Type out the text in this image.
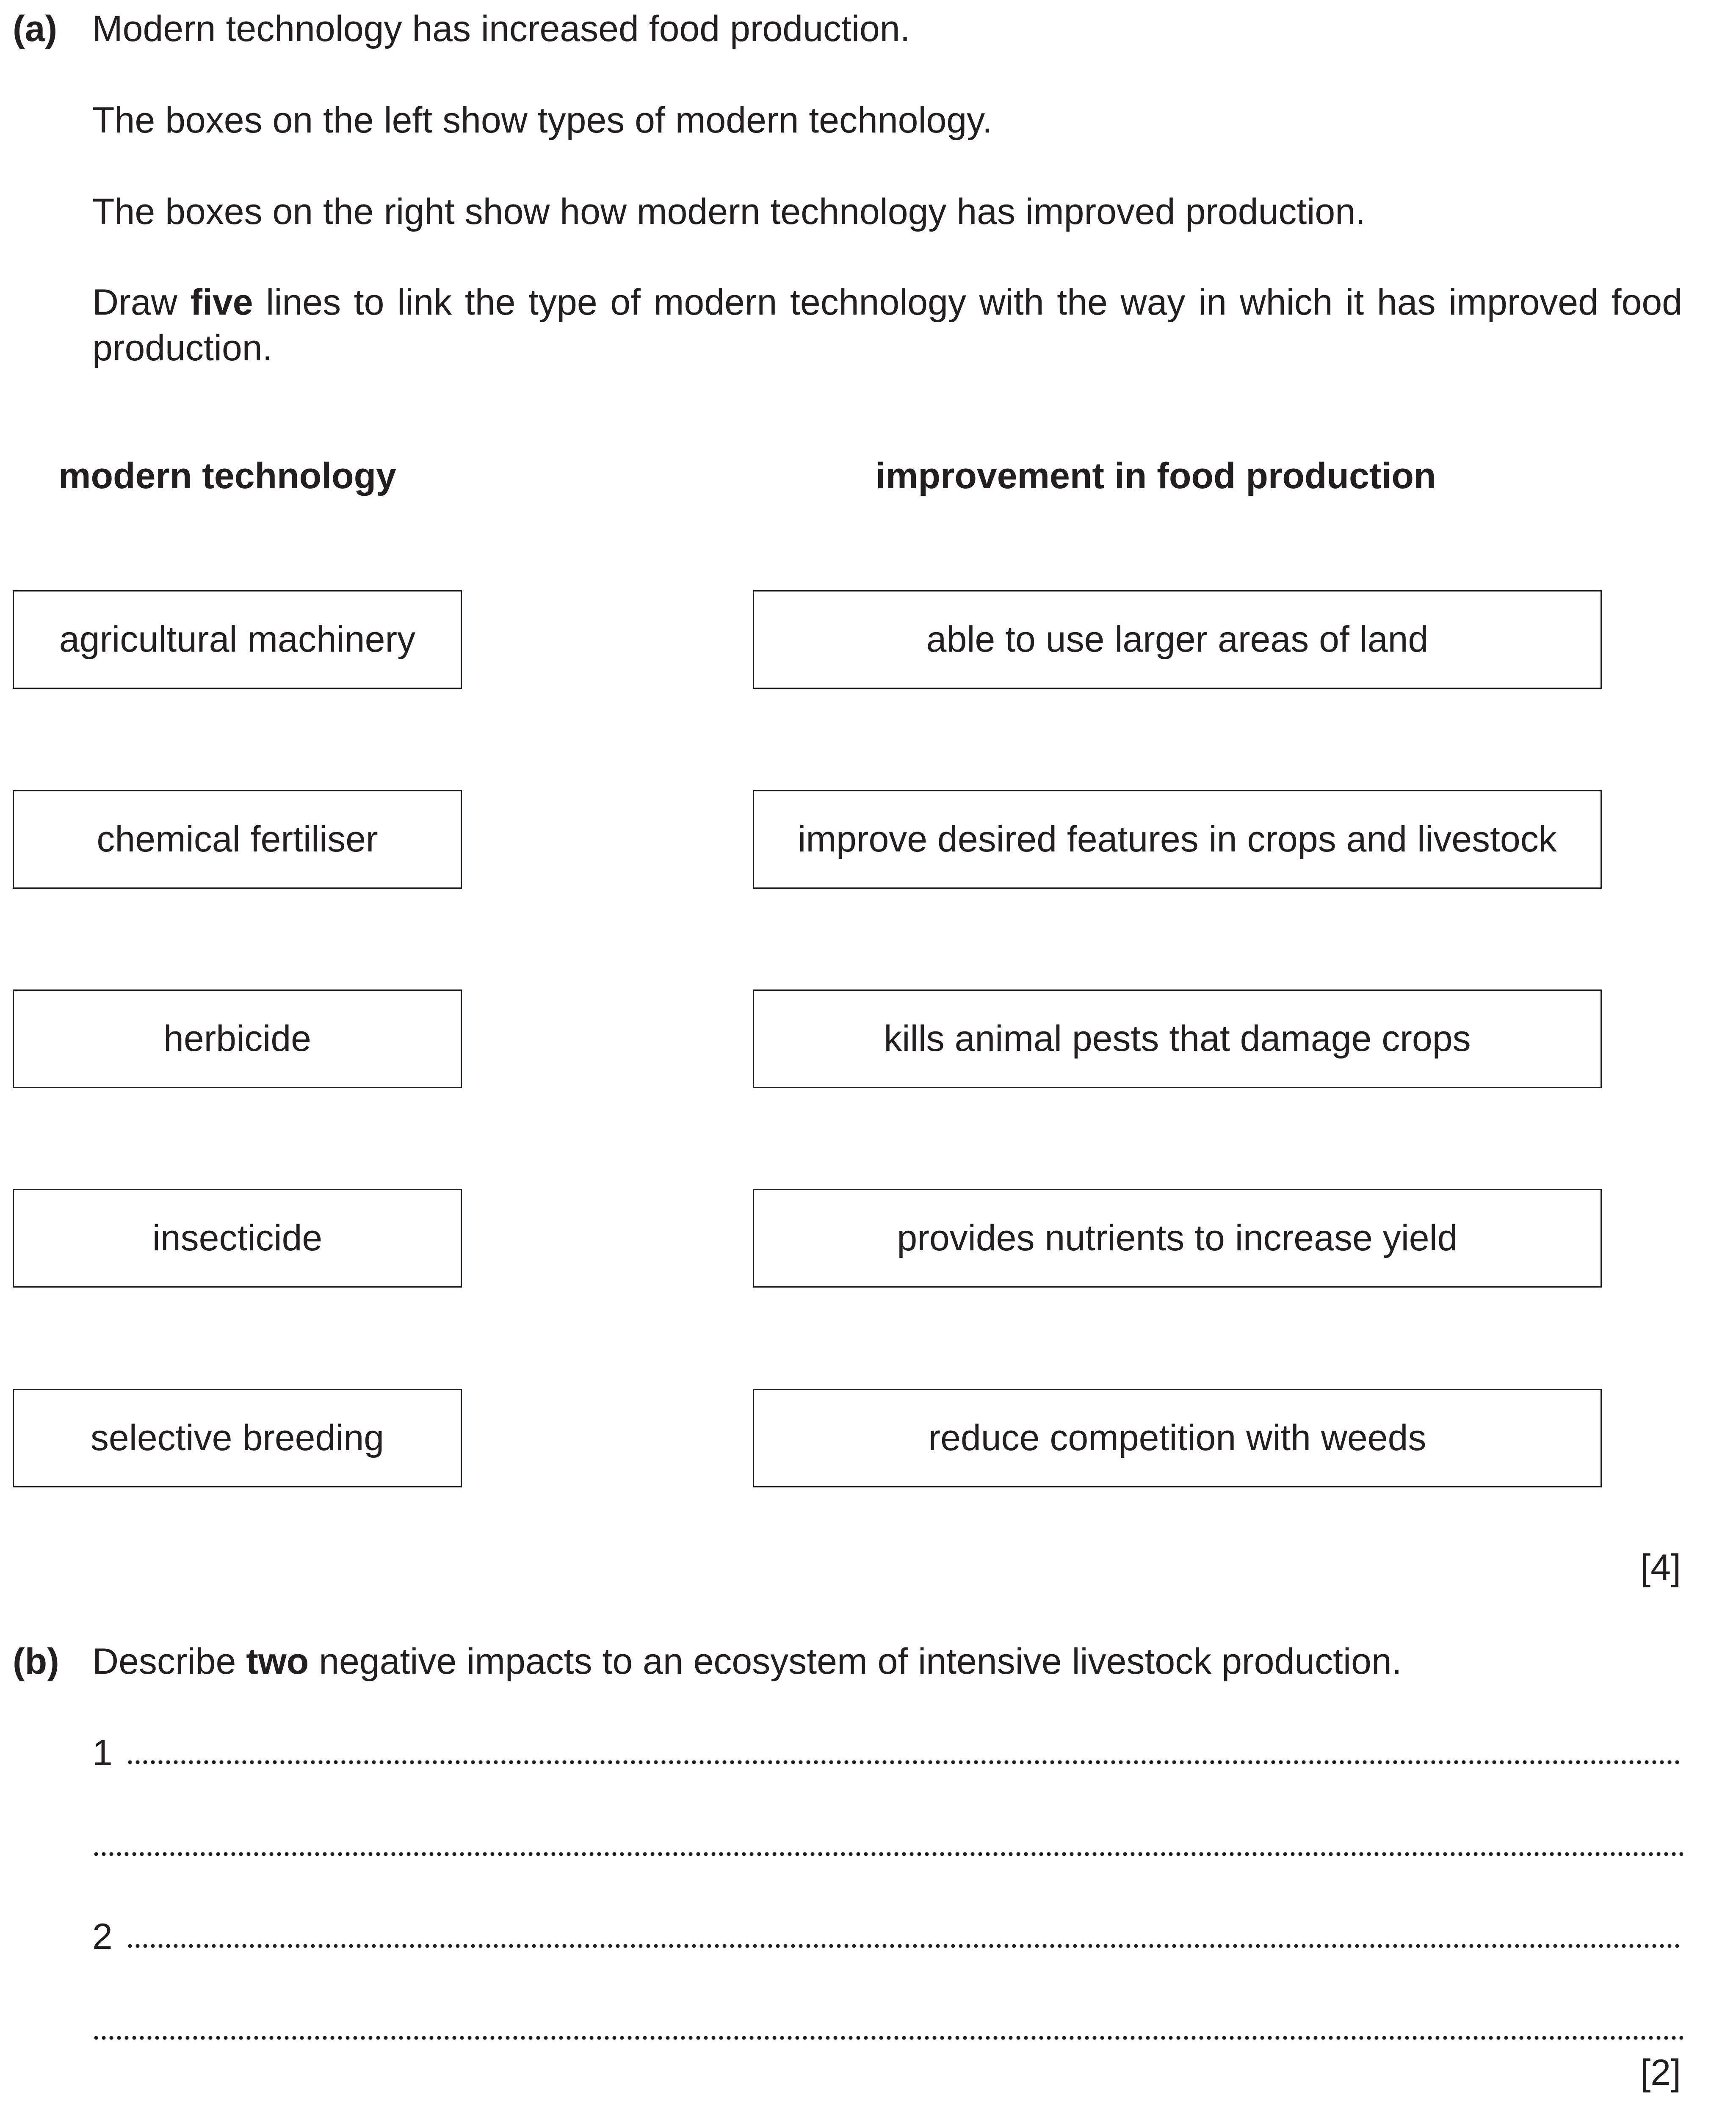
(a) Modern technology has increased food production.
The boxes on the left show types of modern technology.
The boxes on the right show how modern technology has improved production.
Draw five lines to link the type of modern technology with the way in which it has improved food production.
modern technology	improvement in food production
agricultural machinery
chemical fertiliser
herbicide
insecticide
selective breeding
able to use larger areas of land
improve desired features in crops and livestock
kills animal pests that damage crops
provides nutrients to increase yield
reduce competition with weeds
[4]
(b) Describe two negative impacts to an ecosystem of intensive livestock production.
1
2
[2]
